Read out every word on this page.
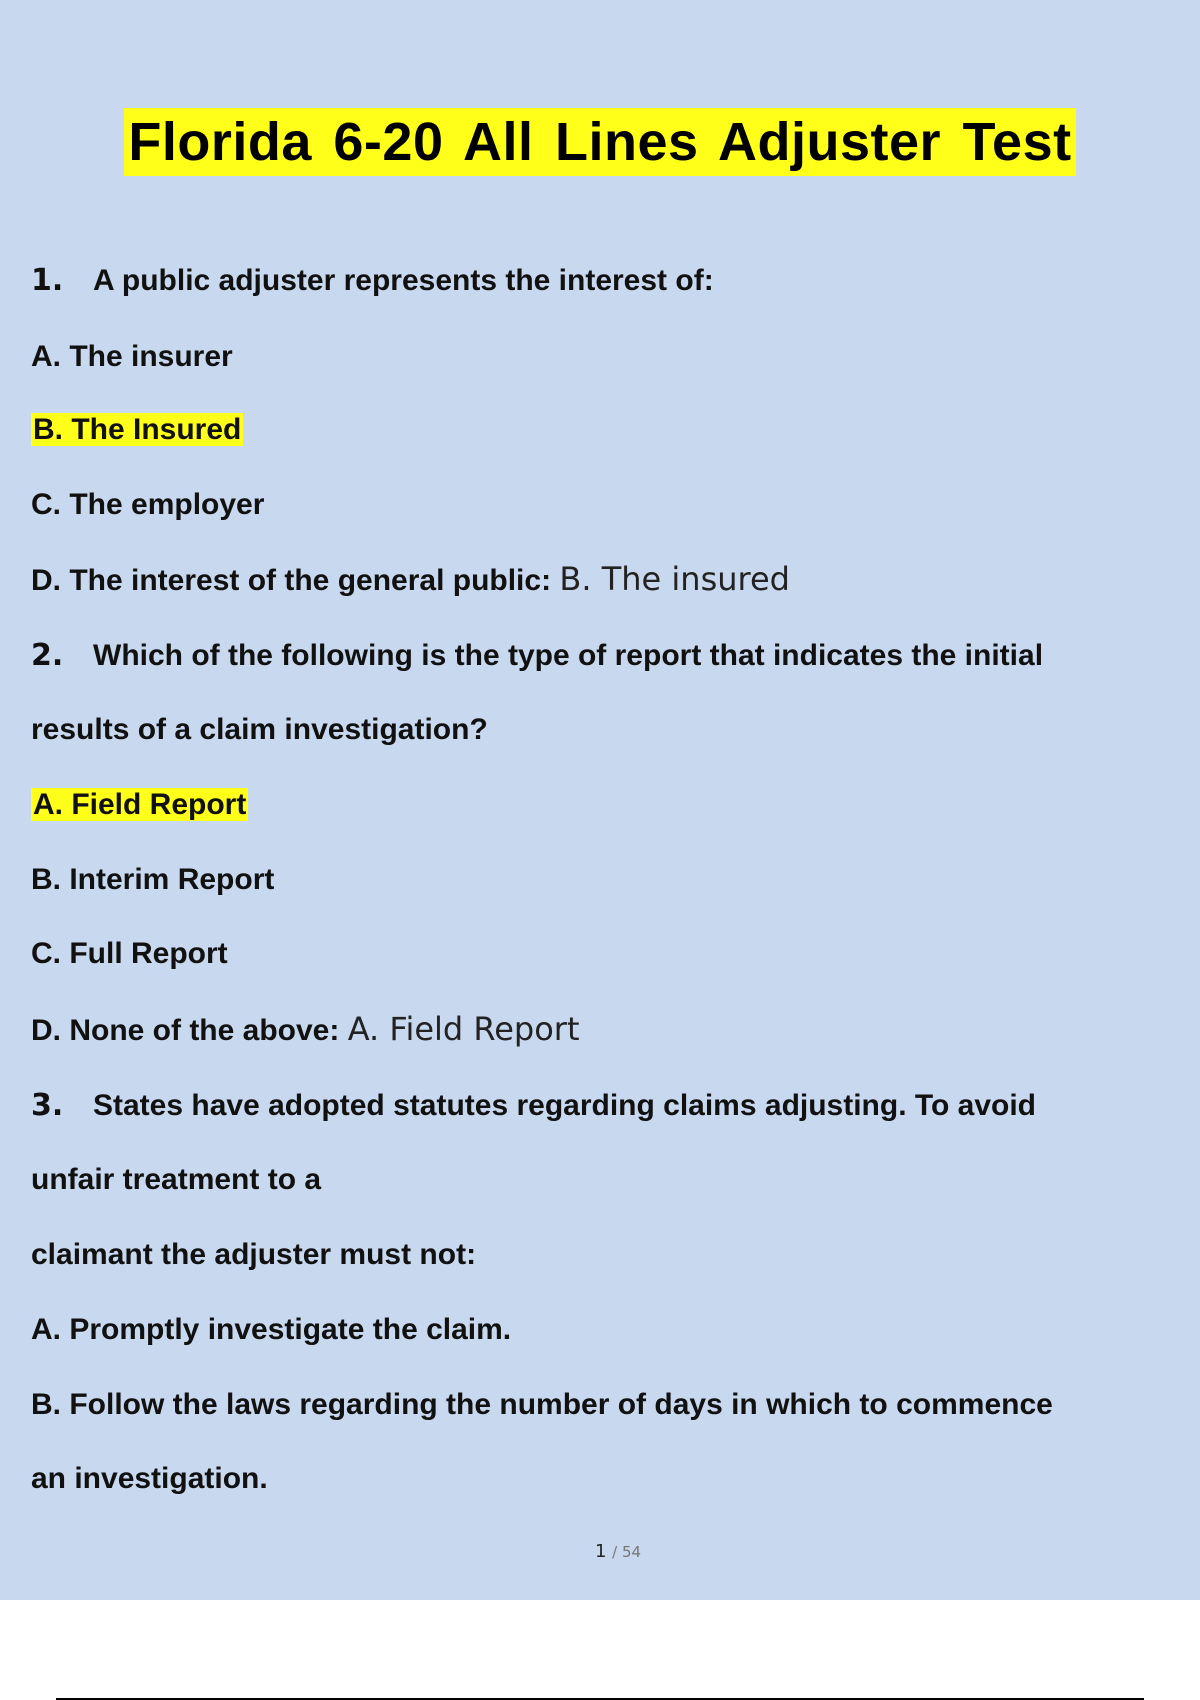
Florida 6-20 All Lines Adjuster Test
1. A public adjuster represents the interest of:
A. The insurer
B. The Insured
C. The employer
D. The interest of the general public: B. The insured
2. Which of the following is the type of report that indicates the initial
results of a claim investigation?
A. Field Report
B. Interim Report
C. Full Report
D. None of the above: A. Field Report
3. States have adopted statutes regarding claims adjusting. To avoid
unfair treatment to a
claimant the adjuster must not:
A. Promptly investigate the claim.
B. Follow the laws regarding the number of days in which to commence
an investigation.
1 / 54
